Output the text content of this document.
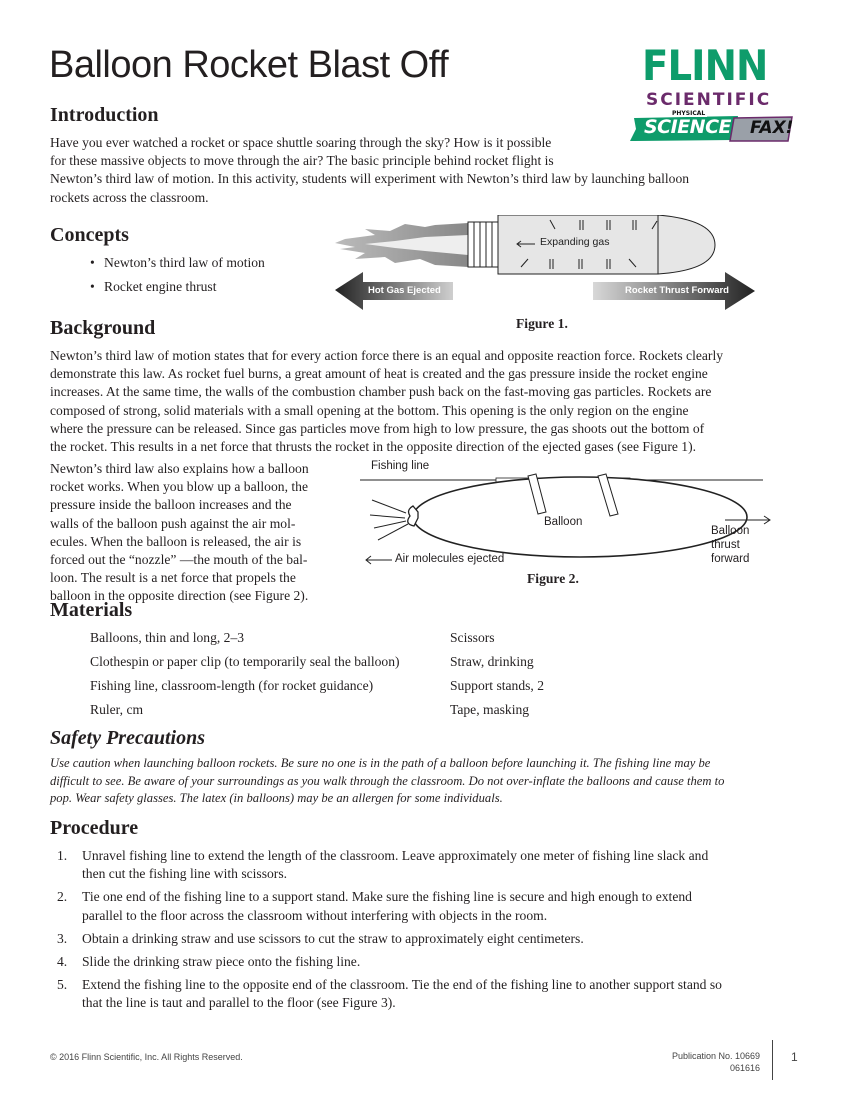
Balloon Rocket Blast Off	FLINN
SCIENTIFIC
PHYSICAL
SCIENCE FAX!
Introduction
Have you ever watched a rocket or space shuttle soaring through the sky? How is it possible
for these massive objects to move through the air? The basic principle behind rocket flight is
Newton’s third law of motion. In this activity, students will experiment with Newton’s third law by launching balloon
rockets across the classroom.
Concepts
• Newton’s third law of motion
• Rocket engine thrust
Expanding gas
Hot Gas Ejected	Rocket Thrust Forward
Figure 1.
Background
Newton’s third law of motion states that for every action force there is an equal and opposite reaction force. Rockets clearly
demonstrate this law. As rocket fuel burns, a great amount of heat is created and the gas pressure inside the rocket engine
increases. At the same time, the walls of the combustion chamber push back on the fast-moving gas particles. Rockets are
composed of strong, solid materials with a small opening at the bottom. This opening is the only region on the engine
where the pressure can be released. Since gas particles move from high to low pressure, the gas shoots out the bottom of
the rocket. This results in a net force that thrusts the rocket in the opposite direction of the ejected gases (see Figure 1).
Newton’s third law also explains how a balloon
rocket works. When you blow up a balloon, the
pressure inside the balloon increases and the
walls of the balloon push against the air mol-
ecules. When the balloon is released, the air is
forced out the “nozzle” —the mouth of the bal-
loon. The result is a net force that propels the
balloon in the opposite direction (see Figure 2).
Fishing line
Balloon
Air molecules ejected
Balloon
thrust
forward
Figure 2.
Materials
Balloons, thin and long, 2–3	Scissors
Clothespin or paper clip (to temporarily seal the balloon)	Straw, drinking
Fishing line, classroom-length (for rocket guidance)	Support stands, 2
Ruler, cm	Tape, masking
Safety Precautions
Use caution when launching balloon rockets. Be sure no one is in the path of a balloon before launching it. The fishing line may be
difficult to see. Be aware of your surroundings as you walk through the classroom. Do not over-inflate the balloons and cause them to
pop. Wear safety glasses. The latex (in balloons) may be an allergen for some individuals.
Procedure
1. Unravel fishing line to extend the length of the classroom. Leave approximately one meter of fishing line slack and
then cut the fishing line with scissors.
2. Tie one end of the fishing line to a support stand. Make sure the fishing line is secure and high enough to extend
parallel to the floor across the classroom without interfering with objects in the room.
3. Obtain a drinking straw and use scissors to cut the straw to approximately eight centimeters.
4. Slide the drinking straw piece onto the fishing line.
5. Extend the fishing line to the opposite end of the classroom. Tie the end of the fishing line to another support stand so
that the line is taut and parallel to the floor (see Figure 3).
© 2016 Flinn Scientific, Inc. All Rights Reserved.	Publication No. 10669
061616
1
